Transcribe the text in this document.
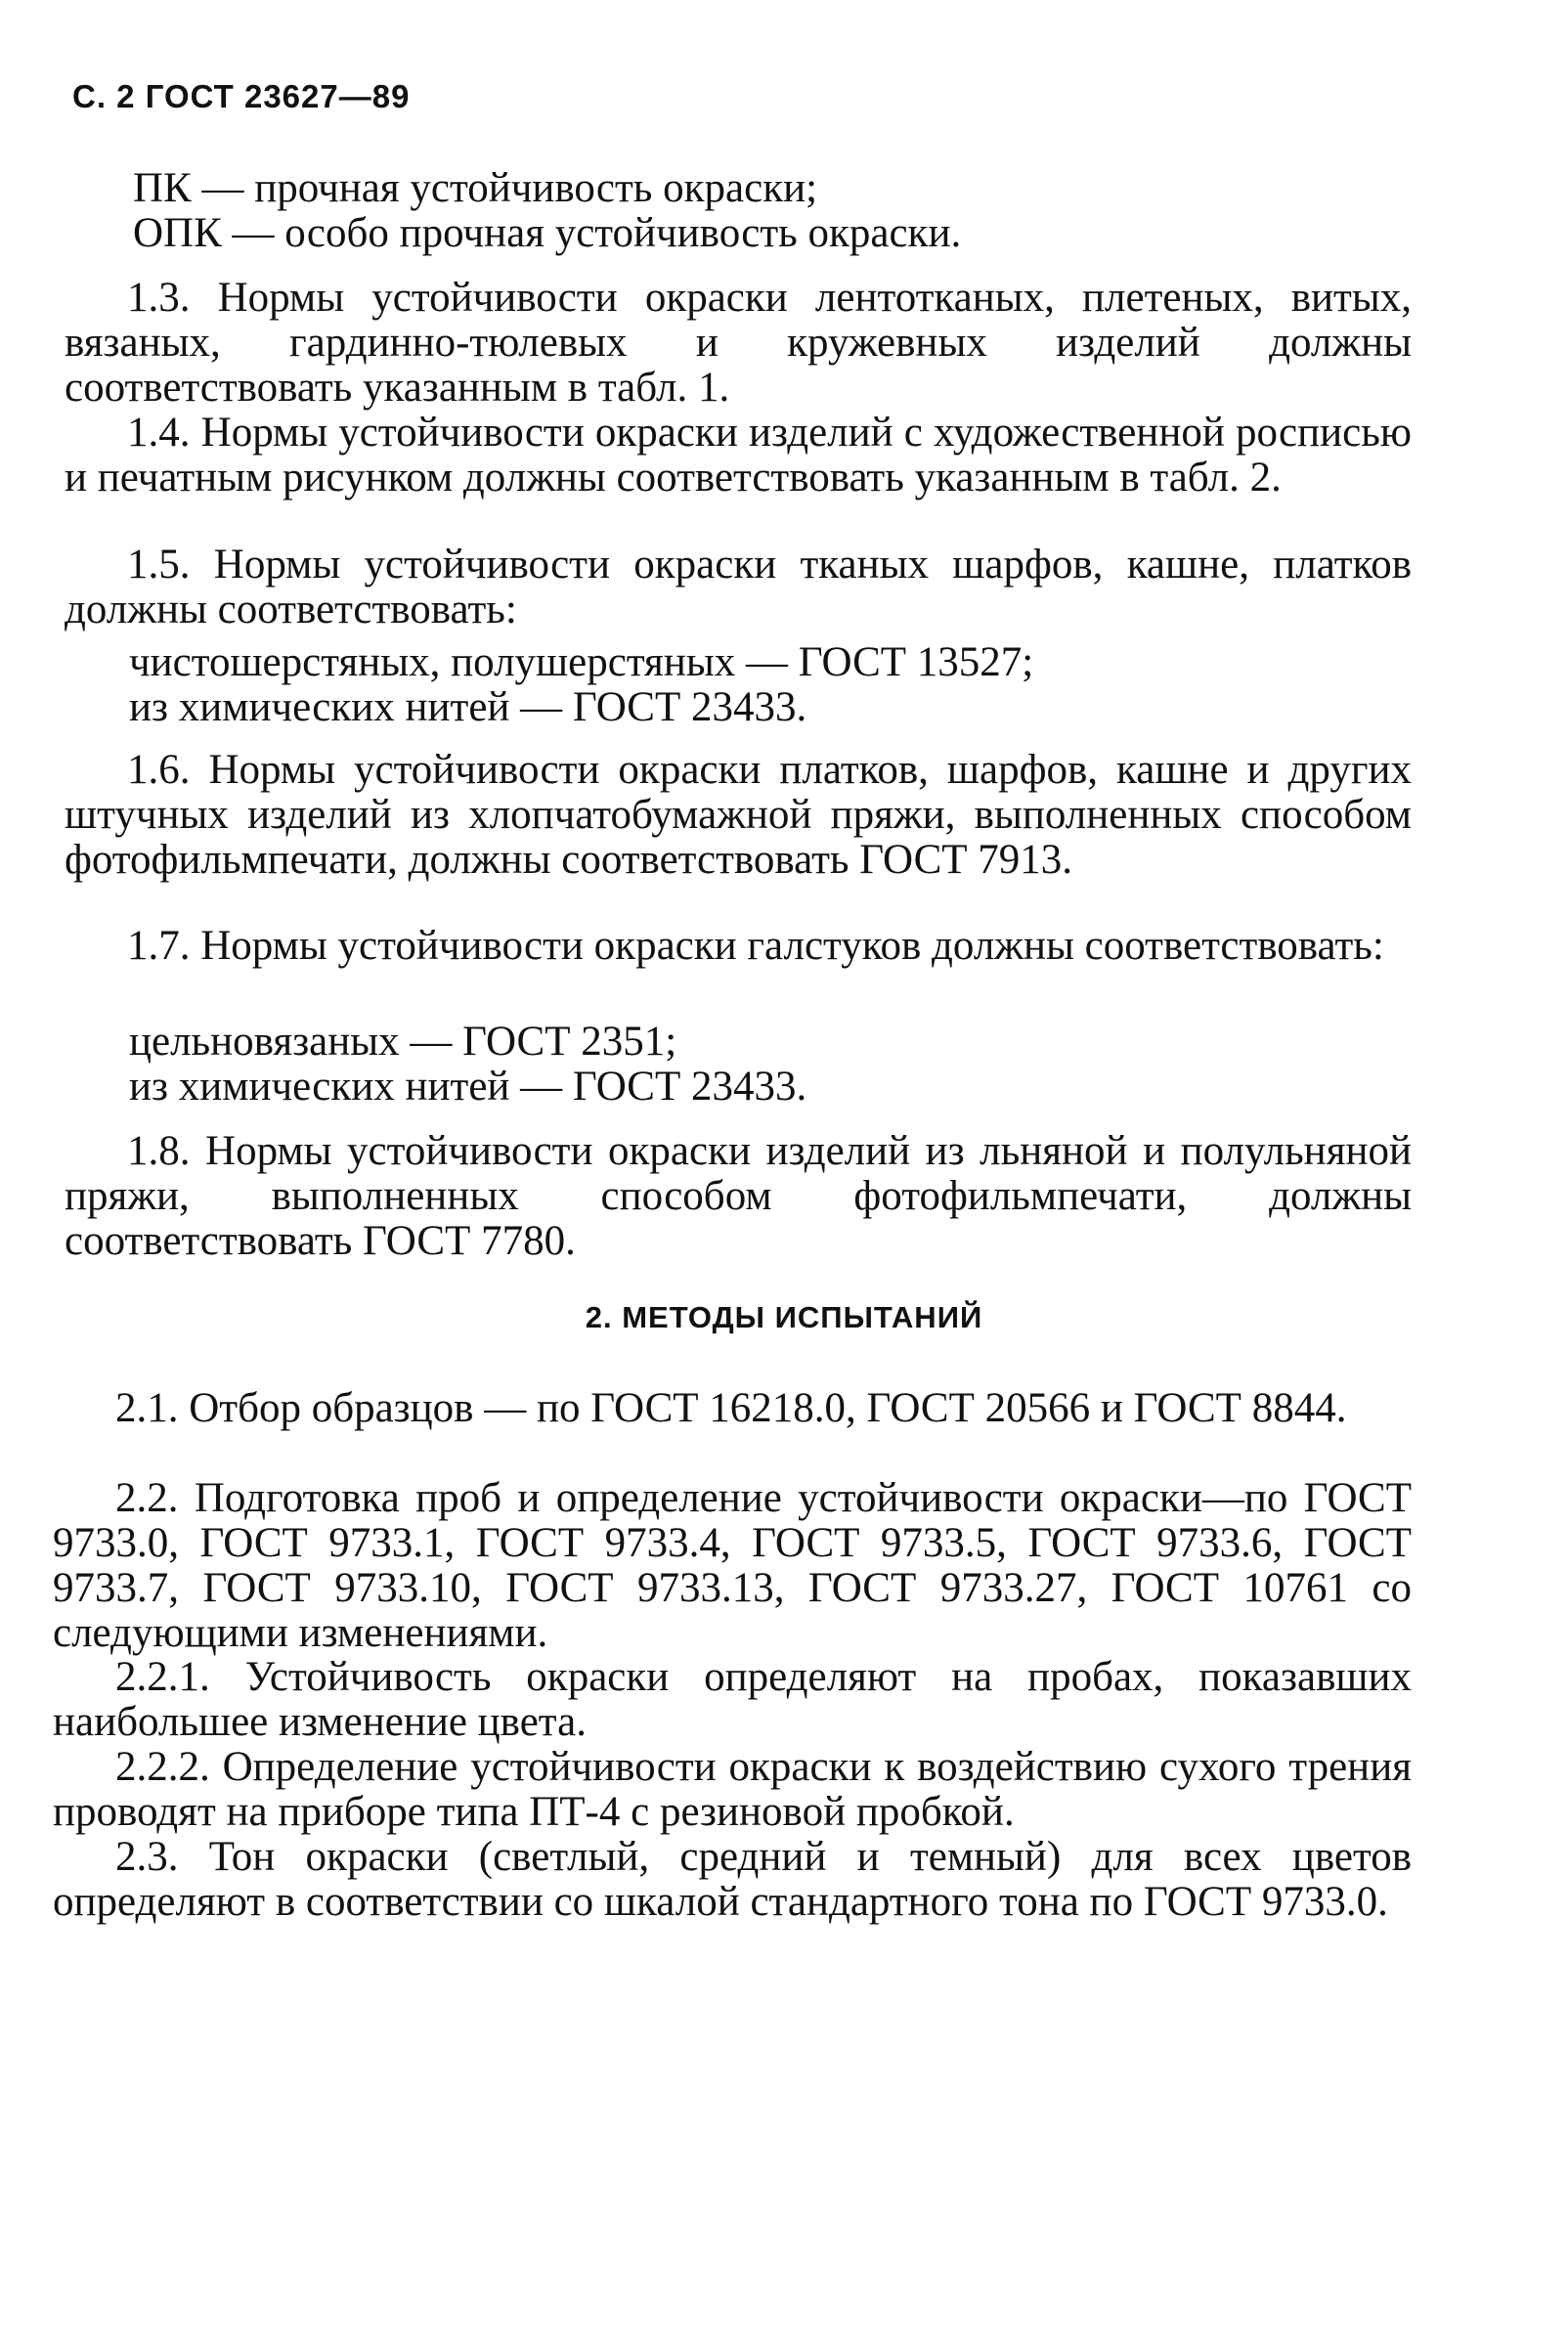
С. 2 ГОСТ 23627—89

ПК — прочная устойчивость окраски;

ОПК — особо прочная устойчивость окраски.

1.3. Нормы устойчивости окраски лентотканых, плетеных, витых, вязаных, гардинно-тюлевых и кружевных изделий должны соответствовать указанным в табл. 1.

1.4. Нормы устойчивости окраски изделий с художественной росписью и печатным рисунком должны соответствовать указанным в табл. 2.

1.5. Нормы устойчивости окраски тканых шарфов, кашне, платков должны соответствовать:

чистошерстяных, полушерстяных — ГОСТ 13527;

из химических нитей — ГОСТ 23433.

1.6. Нормы устойчивости окраски платков, шарфов, кашне и других штучных изделий из хлопчатобумажной пряжи, выполненных способом фотофильмпечати, должны соответствовать ГОСТ 7913.

1.7. Нормы устойчивости окраски галстуков должны соответствовать:

цельновязаных — ГОСТ 2351;

из химических нитей — ГОСТ 23433.

1.8. Нормы устойчивости окраски изделий из льняной и полульняной пряжи, выполненных способом фотофильмпечати, должны соответствовать ГОСТ 7780.

2. МЕТОДЫ ИСПЫТАНИЙ

2.1. Отбор образцов — по ГОСТ 16218.0, ГОСТ 20566 и ГОСТ 8844.

2.2. Подготовка проб и определение устойчивости окраски—по ГОСТ 9733.0, ГОСТ 9733.1, ГОСТ 9733.4, ГОСТ 9733.5, ГОСТ 9733.6, ГОСТ 9733.7, ГОСТ 9733.10, ГОСТ 9733.13, ГОСТ 9733.27, ГОСТ 10761 со следующими изменениями.

2.2.1. Устойчивость окраски определяют на пробах, показавших наибольшее изменение цвета.

2.2.2. Определение устойчивости окраски к воздействию сухого трения проводят на приборе типа ПТ-4 с резиновой пробкой.

2.3. Тон окраски (светлый, средний и темный) для всех цветов определяют в соответствии со шкалой стандартного тона по ГОСТ 9733.0.
